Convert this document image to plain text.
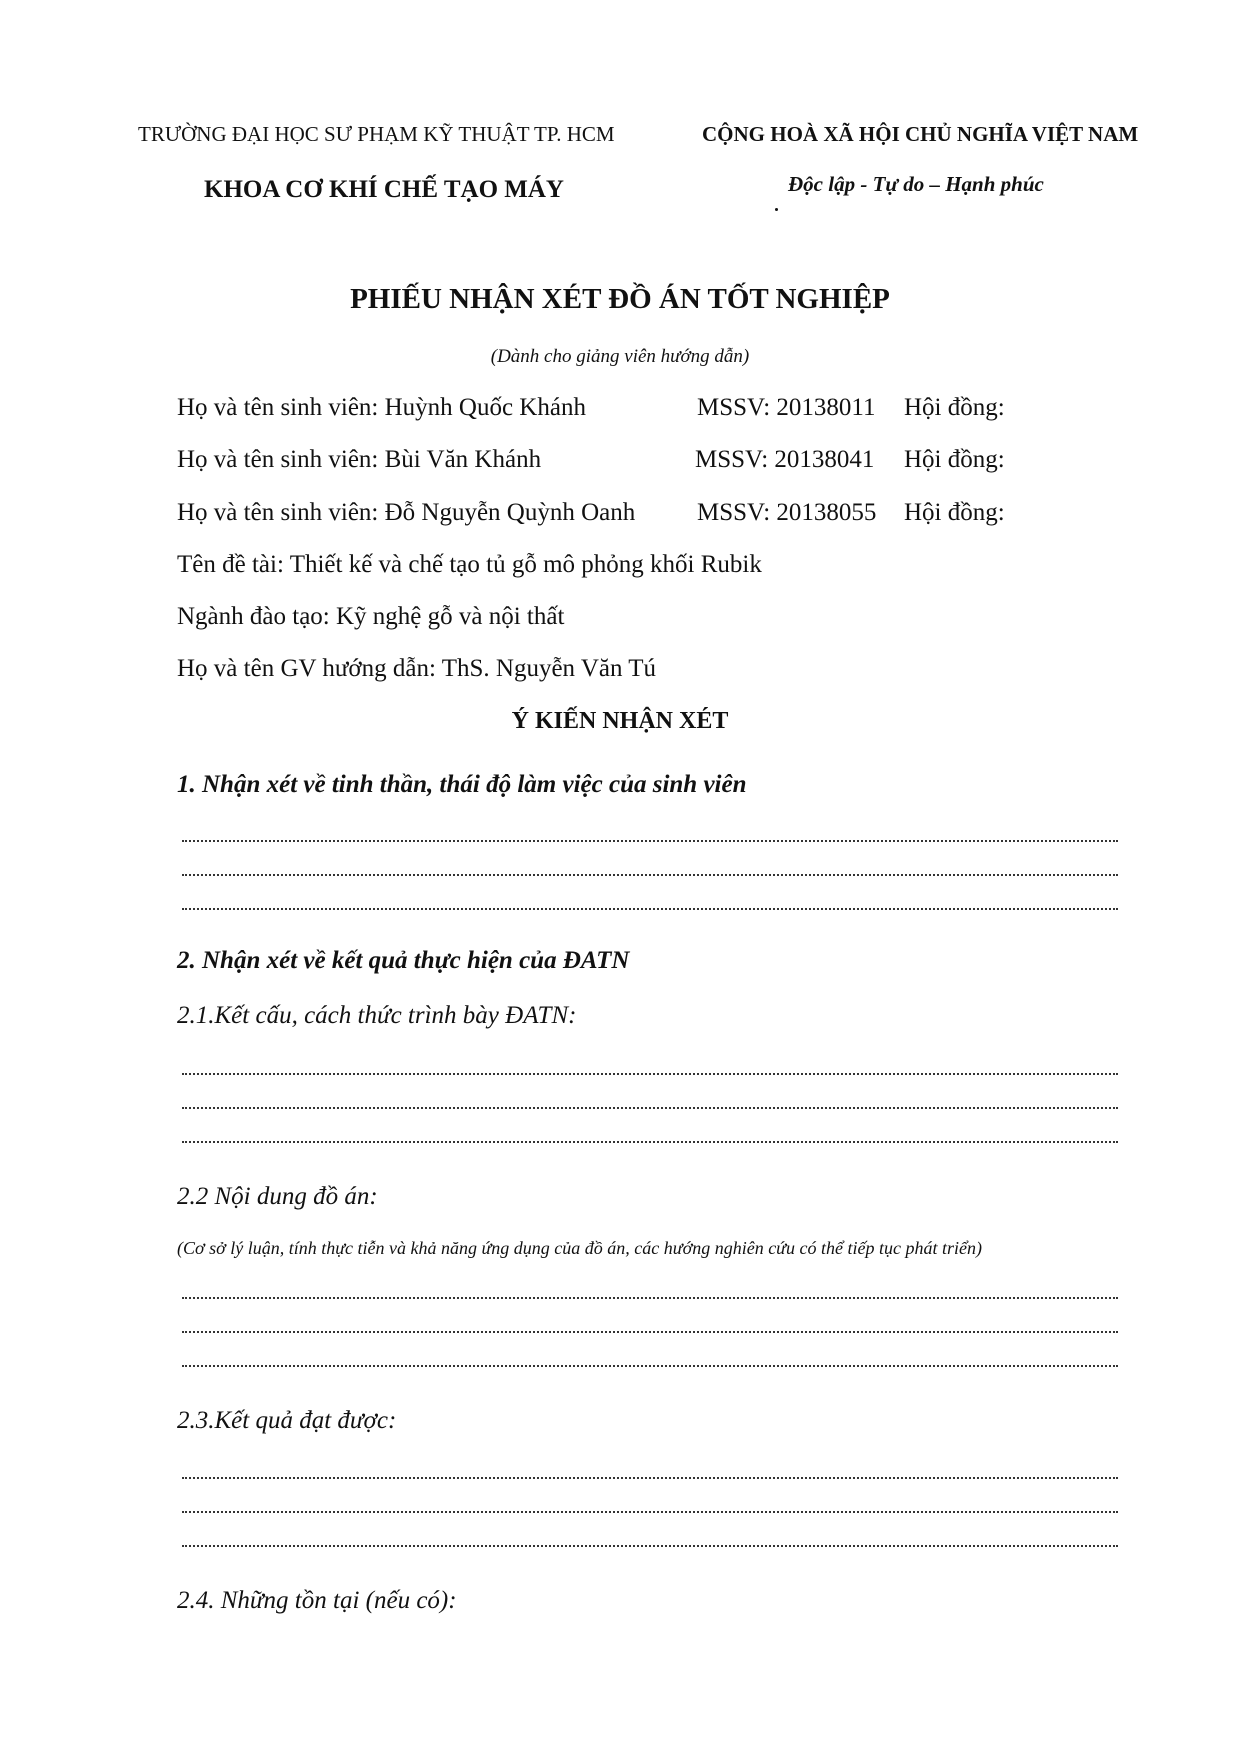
TRƯỜNG ĐẠI HỌC SƯ PHẠM KỸ THUẬT TP. HCM
KHOA CƠ KHÍ CHẾ TẠO MÁY
CỘNG HOÀ XÃ HỘI CHỦ NGHĨA VIỆT NAM
Độc lập - Tự do – Hạnh phúc
PHIẾU NHẬN XÉT ĐỒ ÁN TỐT NGHIỆP
(Dành cho giảng viên hướng dẫn)
Họ và tên sinh viên: Huỳnh Quốc Khánh	MSSV: 20138011 Hội đồng:
Họ và tên sinh viên: Bùi Văn Khánh	MSSV: 20138041 Hội đồng:
Họ và tên sinh viên: Đỗ Nguyễn Quỳnh Oanh MSSV: 20138055 Hội đồng:
Tên đề tài: Thiết kế và chế tạo tủ gỗ mô phỏng khối Rubik
Ngành đào tạo: Kỹ nghệ gỗ và nội thất
Họ và tên GV hướng dẫn: ThS. Nguyễn Văn Tú
Ý KIẾN NHẬN XÉT
1. Nhận xét về tinh thần, thái độ làm việc của sinh viên
2. Nhận xét về kết quả thực hiện của ĐATN
2.1.Kết cấu, cách thức trình bày ĐATN:
2.2 Nội dung đồ án:
(Cơ sở lý luận, tính thực tiễn và khả năng ứng dụng của đồ án, các hướng nghiên cứu có thể tiếp tục phát triển)
2.3.Kết quả đạt được:
2.4. Những tồn tại (nếu có):
